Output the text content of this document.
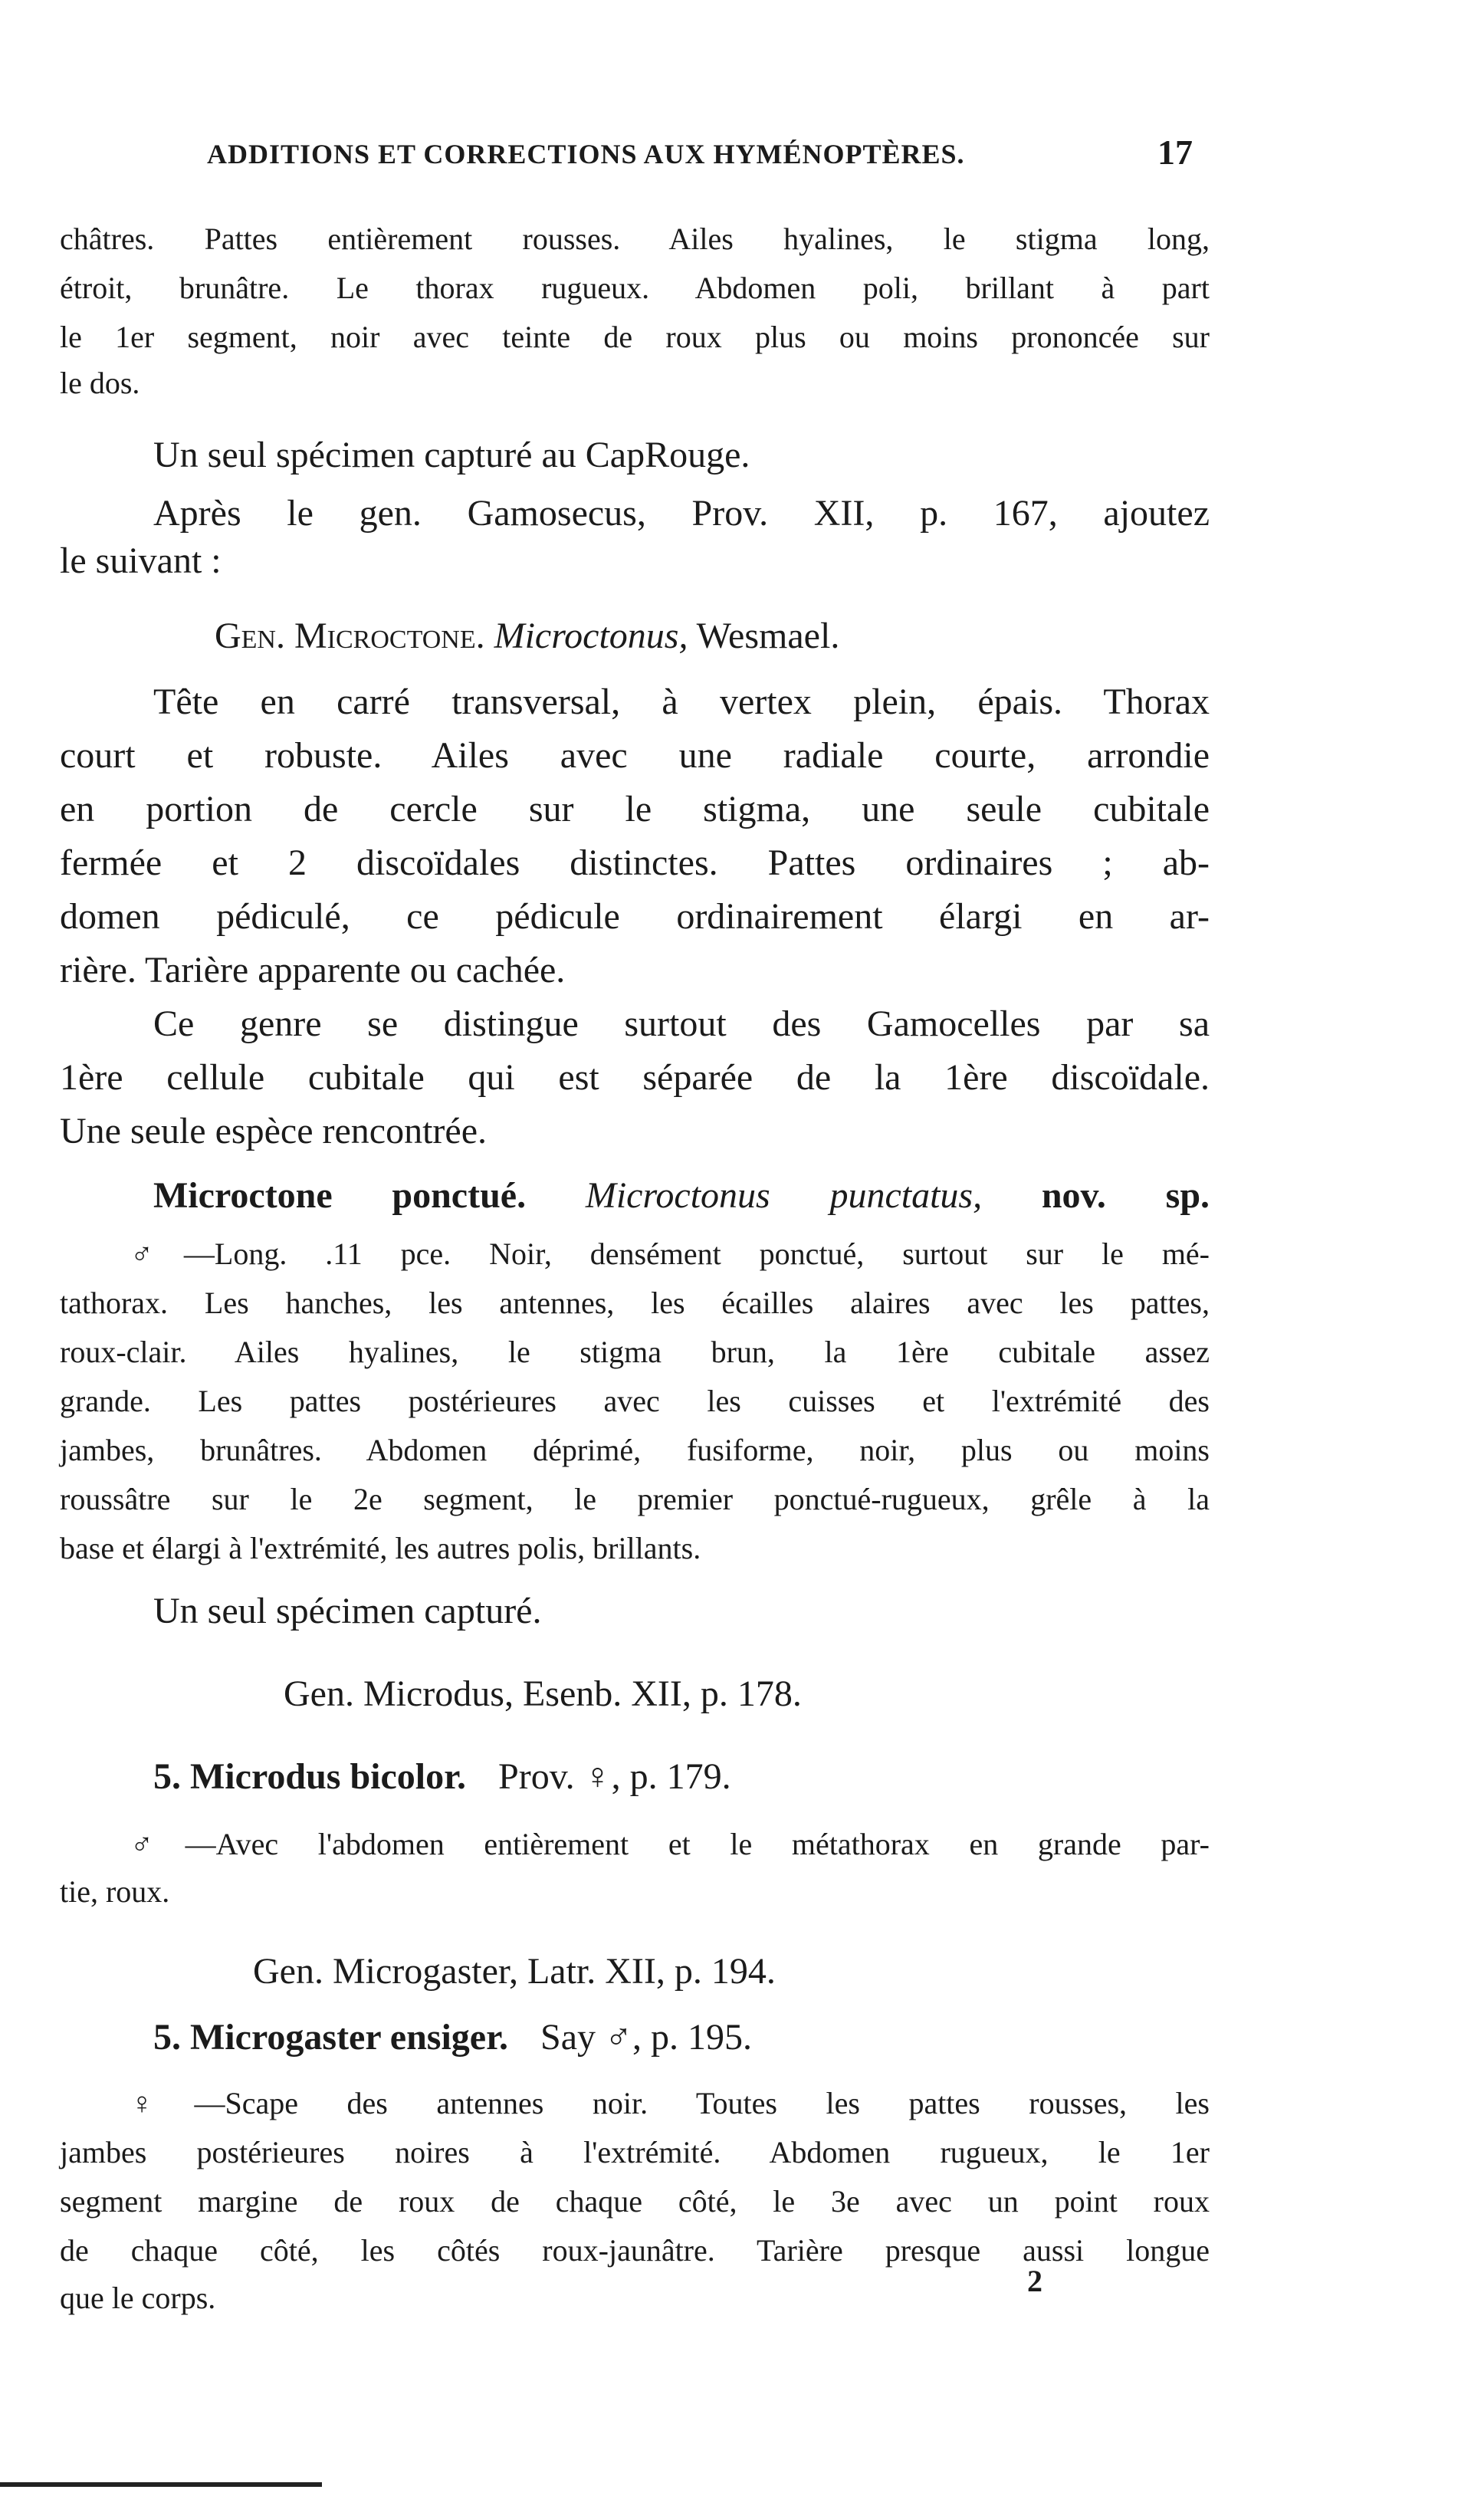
ADDITIONS ET CORRECTIONS AUX HYMÉNOPTÈRES.	17

châtres. Pattes entièrement rousses. Ailes hyalines, le stigma long,

étroit, brunâtre. Le thorax rugueux. Abdomen poli, brillant à part

le 1er segment, noir avec teinte de roux plus ou moins prononcée sur

le dos.

Un seul spécimen capturé au CapRouge.

Après le gen. Gamosecus, Prov. XII, p. 167, ajoutez

le suivant :

Gen. Microctone. Microctonus, Wesmael.

Tête en carré transversal, à vertex plein, épais. Thorax

court et robuste. Ailes avec une radiale courte, arrondie

en portion de cercle sur le stigma, une seule cubitale

fermée et 2 discoïdales distinctes. Pattes ordinaires ; ab-

domen pédiculé, ce pédicule ordinairement élargi en ar-

rière. Tarière apparente ou cachée.

Ce genre se distingue surtout des Gamocelles par sa

1ère cellule cubitale qui est séparée de la 1ère discoïdale.

Une seule espèce rencontrée.

Microctone ponctué. Microctonus punctatus, nov. sp.

♂—Long. .11 pce. Noir, densément ponctué, surtout sur le mé-

tathorax. Les hanches, les antennes, les écailles alaires avec les pattes,

roux-clair. Ailes hyalines, le stigma brun, la 1ère cubitale assez

grande. Les pattes postérieures avec les cuisses et l'extrémité des

jambes, brunâtres. Abdomen déprimé, fusiforme, noir, plus ou moins

roussâtre sur le 2e segment, le premier ponctué-rugueux, grêle à la

base et élargi à l'extrémité, les autres polis, brillants.

Un seul spécimen capturé.

Gen. Microdus, Esenb. XII, p. 178.

5. Microdus bicolor. Prov. ♀, p. 179.

♂—Avec l'abdomen entièrement et le métathorax en grande par-

tie, roux.

Gen. Microgaster, Latr. XII, p. 194.

5. Microgaster ensiger. Say ♂, p. 195.

♀—Scape des antennes noir. Toutes les pattes rousses, les

jambes postérieures noires à l'extrémité. Abdomen rugueux, le 1er

segment margine de roux de chaque côté, le 3e avec un point roux

de chaque côté, les côtés roux-jaunâtre. Tarière presque aussi longue

que le corps.	2
